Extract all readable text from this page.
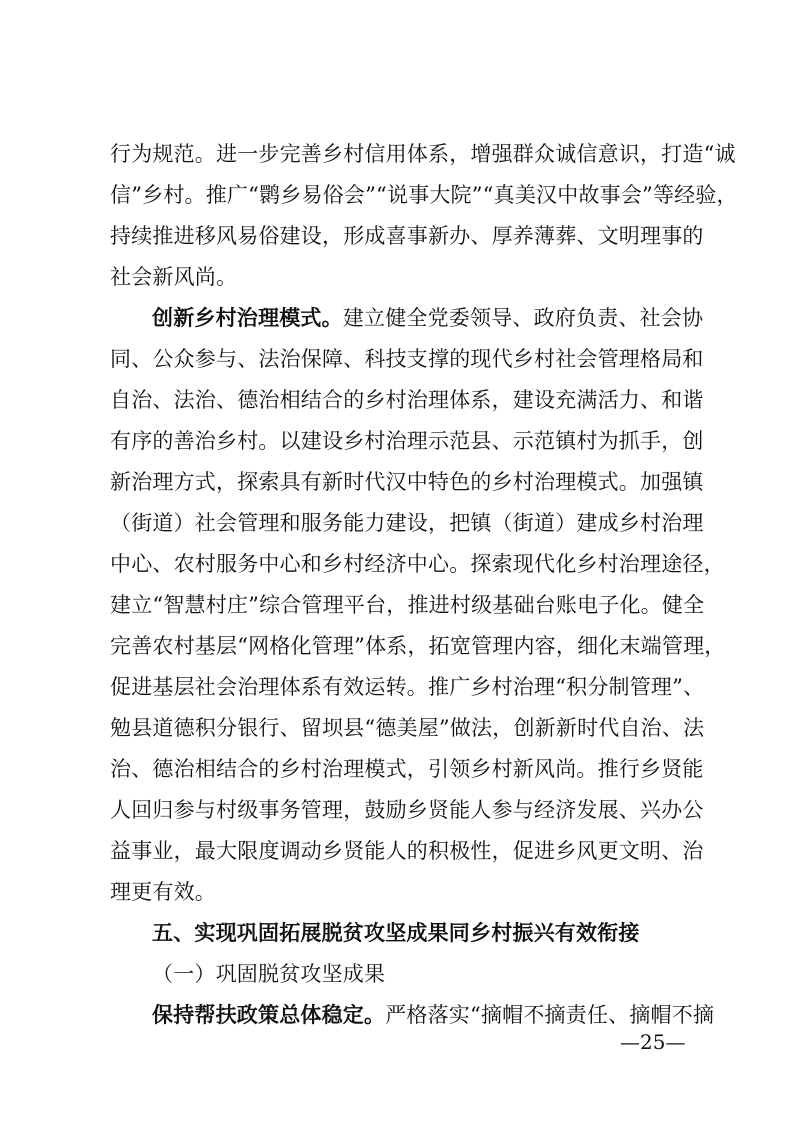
行为规范。进一步完善乡村信用体系，增强群众诚信意识，打造“诚
信”乡村。推广“鹮乡易俗会”“说事大院”“真美汉中故事会”等经验，
持续推进移风易俗建设，形成喜事新办、厚养薄葬、文明理事的
社会新风尚。
创新乡村治理模式。建立健全党委领导、政府负责、社会协
同、公众参与、法治保障、科技支撑的现代乡村社会管理格局和
自治、法治、德治相结合的乡村治理体系，建设充满活力、和谐
有序的善治乡村。以建设乡村治理示范县、示范镇村为抓手，创
新治理方式，探索具有新时代汉中特色的乡村治理模式。加强镇
（街道）社会管理和服务能力建设，把镇（街道）建成乡村治理
中心、农村服务中心和乡村经济中心。探索现代化乡村治理途径，
建立“智慧村庄”综合管理平台，推进村级基础台账电子化。健全
完善农村基层“网格化管理”体系，拓宽管理内容，细化末端管理，
促进基层社会治理体系有效运转。推广乡村治理“积分制管理”、
勉县道德积分银行、留坝县“德美屋”做法，创新新时代自治、法
治、德治相结合的乡村治理模式，引领乡村新风尚。推行乡贤能
人回归参与村级事务管理，鼓励乡贤能人参与经济发展、兴办公
益事业，最大限度调动乡贤能人的积极性，促进乡风更文明、治
理更有效。
五、实现巩固拓展脱贫攻坚成果同乡村振兴有效衔接
（一）巩固脱贫攻坚成果
保持帮扶政策总体稳定。严格落实“摘帽不摘责任、摘帽不摘
—25—
